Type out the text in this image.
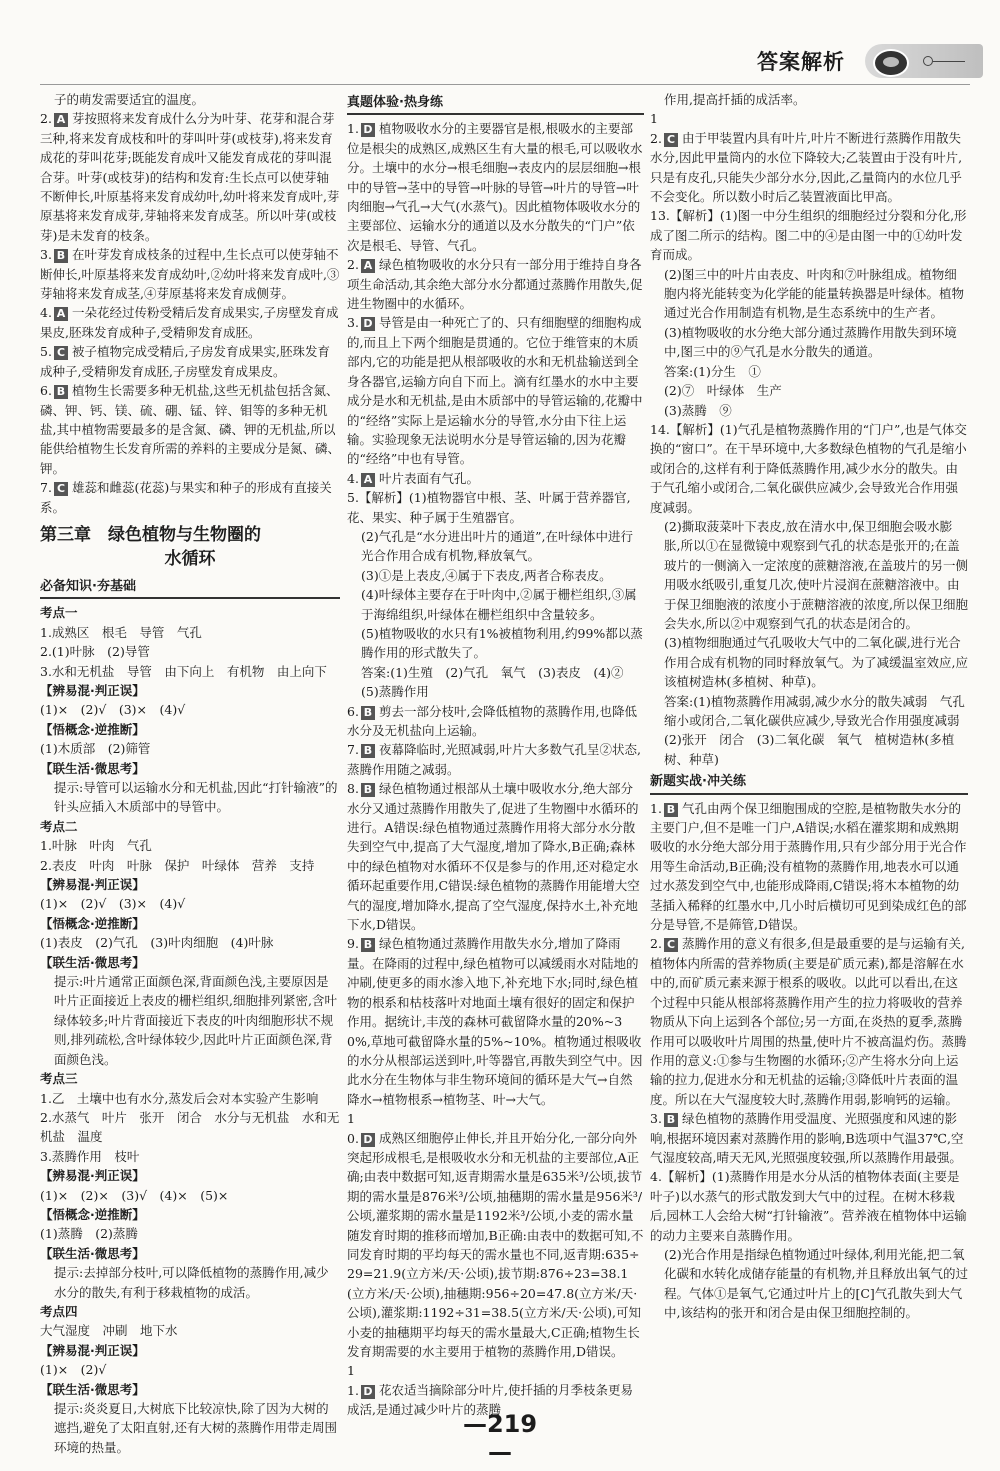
答案解析
子的萌发需要适宜的温度。
2. A 芽按照将来发育成什么分为叶芽、花芽和混合芽三种,将来发育成枝和叶的芽叫叶芽(或枝芽),将来发育成花的芽叫花芽;既能发育成叶又能发育成花的芽叫混合芽。叶芽(或枝芽)的结构和发育:生长点可以使芽轴不断伸长,叶原基将来发育成幼叶,幼叶将来发育成叶,芽原基将来发育成芽,芽轴将来发育成茎。所以叶芽(或枝芽)是未发育的枝条。
3. B 在叶芽发育成枝条的过程中,生长点可以使芽轴不断伸长,叶原基将来发育成幼叶,②幼叶将来发育成叶,③芽轴将来发育成茎,④芽原基将来发育成侧芽。
4. A 一朵花经过传粉受精后发育成果实,子房壁发育成果皮,胚珠发育成种子,受精卵发育成胚。
5. C 被子植物完成受精后,子房发育成果实,胚珠发育成种子,受精卵发育成胚,子房壁发育成果皮。
6. B 植物生长需要多种无机盐,这些无机盐包括含氮、磷、钾、钙、镁、硫、硼、锰、锌、钼等的多种无机盐,其中植物需要最多的是含氮、磷、钾的无机盐,所以能供给植物生长发育所需的养料的主要成分是氮、磷、钾。
7. C 雄蕊和雌蕊(花蕊)与果实和种子的形成有直接关系。
第三章　绿色植物与生物圈的
水循环
必备知识·夯基础
考点一
1.成熟区　根毛　导管　气孔
2.(1)叶脉　(2)导管
3.水和无机盐　导管　由下向上　有机物　由上向下
【辨易混·判正误】
(1)×　(2)√　(3)×　(4)√
【悟概念·逆推断】
(1)木质部　(2)筛管
【联生活·微思考】
提示:导管可以运输水分和无机盐,因此“打针输液”的针头应插入木质部中的导管中。
考点二
1.叶脉　叶肉　气孔
2.表皮　叶肉　叶脉　保护　叶绿体　营养　支持
【辨易混·判正误】
(1)×　(2)√　(3)×　(4)√
【悟概念·逆推断】
(1)表皮　(2)气孔　(3)叶肉细胞　(4)叶脉
【联生活·微思考】
提示:叶片通常正面颜色深,背面颜色浅,主要原因是叶片正面接近上表皮的栅栏组织,细胞排列紧密,含叶绿体较多;叶片背面接近下表皮的叶肉细胞形状不规则,排列疏松,含叶绿体较少,因此叶片正面颜色深,背面颜色浅。
考点三
1.乙　土壤中也有水分,蒸发后会对本实验产生影响
2.水蒸气　叶片　张开　闭合　水分与无机盐　水和无机盐　温度
3.蒸腾作用　枝叶
【辨易混·判正误】
(1)×　(2)×　(3)√　(4)×　(5)×
【悟概念·逆推断】
(1)蒸腾　(2)蒸腾
【联生活·微思考】
提示:去掉部分枝叶,可以降低植物的蒸腾作用,减少水分的散失,有利于移栽植物的成活。
考点四
大气湿度　冲刷　地下水
【辨易混·判正误】
(1)×　(2)√
【联生活·微思考】
提示:炎炎夏日,大树底下比较凉快,除了因为大树的遮挡,避免了太阳直射,还有大树的蒸腾作用带走周围环境的热量。
真题体验·热身练
1. D 植物吸收水分的主要器官是根,根吸水的主要部位是根尖的成熟区,成熟区生有大量的根毛,可以吸收水分。土壤中的水分→根毛细胞→表皮内的层层细胞→根中的导管→茎中的导管→叶脉的导管→叶片的导管→叶肉细胞→气孔→大气(水蒸气)。因此植物体吸收水分的主要部位、运输水分的通道以及水分散失的“门户”依次是根毛、导管、气孔。
2. A 绿色植物吸收的水分只有一部分用于维持自身各项生命活动,其余绝大部分水分都通过蒸腾作用散失,促进生物圈中的水循环。
3. D 导管是由一种死亡了的、只有细胞壁的细胞构成的,而且上下两个细胞是贯通的。它位于维管束的木质部内,它的功能是把从根部吸收的水和无机盐输送到全身各器官,运输方向自下而上。滴有红墨水的水中主要成分是水和无机盐,是由木质部中的导管运输的,花瓣中的“经络”实际上是运输水分的导管,水分由下往上运输。实验现象无法说明水分是导管运输的,因为花瓣的“经络”中也有导管。
4. A 叶片表面有气孔。
5.【解析】(1)植物器官中根、茎、叶属于营养器官,花、果实、种子属于生殖器官。
(2)气孔是“水分进出叶片的通道”,在叶绿体中进行光合作用合成有机物,释放氧气。
(3)①是上表皮,④属于下表皮,两者合称表皮。
(4)叶绿体主要存在于叶肉中,②属于栅栏组织,③属于海绵组织,叶绿体在栅栏组织中含量较多。
(5)植物吸收的水只有1%被植物利用,约99%都以蒸腾作用的形式散失了。
答案:(1)生殖　(2)气孔　氧气　(3)表皮　(4)②　(5)蒸腾作用
6. B 剪去一部分枝叶,会降低植物的蒸腾作用,也降低水分及无机盐向上运输。
7. B 夜幕降临时,光照减弱,叶片大多数气孔呈②状态,蒸腾作用随之减弱。
8. B 绿色植物通过根部从土壤中吸收水分,绝大部分水分又通过蒸腾作用散失了,促进了生物圈中水循环的进行。A错误:绿色植物通过蒸腾作用将大部分水分散失到空气中,提高了大气湿度,增加了降水,B正确;森林中的绿色植物对水循环不仅是参与的作用,还对稳定水循环起重要作用,C错误:绿色植物的蒸腾作用能增大空气的湿度,增加降水,提高了空气湿度,保持水土,补充地下水,D错误。
9. B 绿色植物通过蒸腾作用散失水分,增加了降雨量。在降雨的过程中,绿色植物可以减缓雨水对陆地的冲刷,使更多的雨水渗入地下,补充地下水;同时,绿色植物的根系和枯枝落叶对地面土壤有很好的固定和保护作用。据统计,丰茂的森林可截留降水量的20%~30%,草地可截留降水量的5%~10%。植物通过根吸收的水分从根部运送到叶,叶等器官,再散失到空气中。因此水分在生物体与非生物环境间的循环是大气→自然降水→植物根系→植物茎、叶→大气。
10. D 成熟区细胞停止伸长,并且开始分化,一部分向外突起形成根毛,是根吸收水分和无机盐的主要部位,A正确;由表中数据可知,返青期需水量是635米³/公顷,拔节期的需水量是876米³/公顷,抽穗期的需水量是956米³/公顷,灌浆期的需水量是1192米³/公顷,小麦的需水量随发育时期的推移而增加,B正确:由表中的数据可知,不同发育时期的平均每天的需水量也不同,返青期:635÷29=21.9(立方米/天·公顷),拔节期:876÷23=38.1(立方米/天·公顷),抽穗期:956÷20=47.8(立方米/天·公顷),灌浆期:1192÷31=38.5(立方米/天·公顷),可知小麦的抽穗期平均每天的需水量最大,C正确;植物生长发育期需要的水主要用于植物的蒸腾作用,D错误。
11. D 花农适当摘除部分叶片,使扦插的月季枝条更易成活,是通过减少叶片的蒸腾
作用,提高扦插的成活率。
12. C 由于甲装置内具有叶片,叶片不断进行蒸腾作用散失水分,因此甲量筒内的水位下降较大;乙装置由于没有叶片,只是有皮孔,只能失少部分水分,因此,乙量筒内的水位几乎不会变化。所以数小时后乙装置液面比甲高。
13.【解析】(1)图一中分生组织的细胞经过分裂和分化,形成了图二所示的结构。图二中的④是由图一中的①幼叶发育而成。
(2)图三中的叶片由表皮、叶肉和⑦叶脉组成。植物细胞内将光能转变为化学能的能量转换器是叶绿体。植物通过光合作用制造有机物,是生态系统中的生产者。
(3)植物吸收的水分绝大部分通过蒸腾作用散失到环境中,图三中的⑨气孔是水分散失的通道。
答案:(1)分生　①
(2)⑦　叶绿体　生产
(3)蒸腾　⑨
14.【解析】(1)气孔是植物蒸腾作用的“门户”,也是气体交换的“窗口”。在干旱环境中,大多数绿色植物的气孔是缩小或闭合的,这样有利于降低蒸腾作用,减少水分的散失。由于气孔缩小或闭合,二氧化碳供应减少,会导致光合作用强度减弱。
(2)撕取菠菜叶下表皮,放在清水中,保卫细胞会吸水膨胀,所以①在显微镜中观察到气孔的状态是张开的;在盖玻片的一侧滴入一定浓度的蔗糖溶液,在盖玻片的另一侧用吸水纸吸引,重复几次,使叶片浸润在蔗糖溶液中。由于保卫细胞液的浓度小于蔗糖溶液的浓度,所以保卫细胞会失水,所以②中观察到气孔的状态是闭合的。
(3)植物细胞通过气孔吸收大气中的二氧化碳,进行光合作用合成有机物的同时释放氧气。为了减缓温室效应,应该植树造林(多植树、种草)。
答案:(1)植物蒸腾作用减弱,减少水分的散失减弱　气孔缩小或闭合,二氧化碳供应减少,导致光合作用强度减弱　(2)张开　闭合　(3)二氧化碳　氧气　植树造林(多植树、种草)
新题实战·冲关练
1. B 气孔由两个保卫细胞围成的空腔,是植物散失水分的主要门户,但不是唯一门户,A错误;水稻在灌浆期和成熟期吸收的水分绝大部分用于蒸腾作用,只有少部分用于光合作用等生命活动,B正确;没有植物的蒸腾作用,地表水可以通过水蒸发到空气中,也能形成降雨,C错误;将木本植物的幼茎插入稀释的红墨水中,几小时后横切可见到染成红色的部分是导管,不是筛管,D错误。
2. C 蒸腾作用的意义有很多,但是最重要的是与运输有关,植物体内所需的营养物质(主要是矿质元素),都是溶解在水中的,而矿质元素来源于根系的吸收。以此可以看出,在这个过程中只能从根部将蒸腾作用产生的拉力将吸收的营养物质从下向上运到各个部位;另一方面,在炎热的夏季,蒸腾作用可以吸收叶片周围的热量,使叶片不被高温灼伤。蒸腾作用的意义:①参与生物圈的水循环;②产生将水分向上运输的拉力,促进水分和无机盐的运输;③降低叶片表面的温度。所以在大气湿度较大时,蒸腾作用弱,影响钙的运输。
3. B 绿色植物的蒸腾作用受温度、光照强度和风速的影响,根据环境因素对蒸腾作用的影响,B选项中气温37℃,空气湿度较高,晴天无风,光照强度较强,所以蒸腾作用最强。
4.【解析】(1)蒸腾作用是水分从活的植物体表面(主要是叶子)以水蒸气的形式散发到大气中的过程。在树木移栽后,园林工人会给大树“打针输液”。营养液在植物体中运输的动力主要来自蒸腾作用。
(2)光合作用是指绿色植物通过叶绿体,利用光能,把二氧化碳和水转化成储存能量的有机物,并且释放出氧气的过程。气体①是氧气,它通过叶片上的[C]气孔散失到大气中,该结构的张开和闭合是由保卫细胞控制的。
—219—
